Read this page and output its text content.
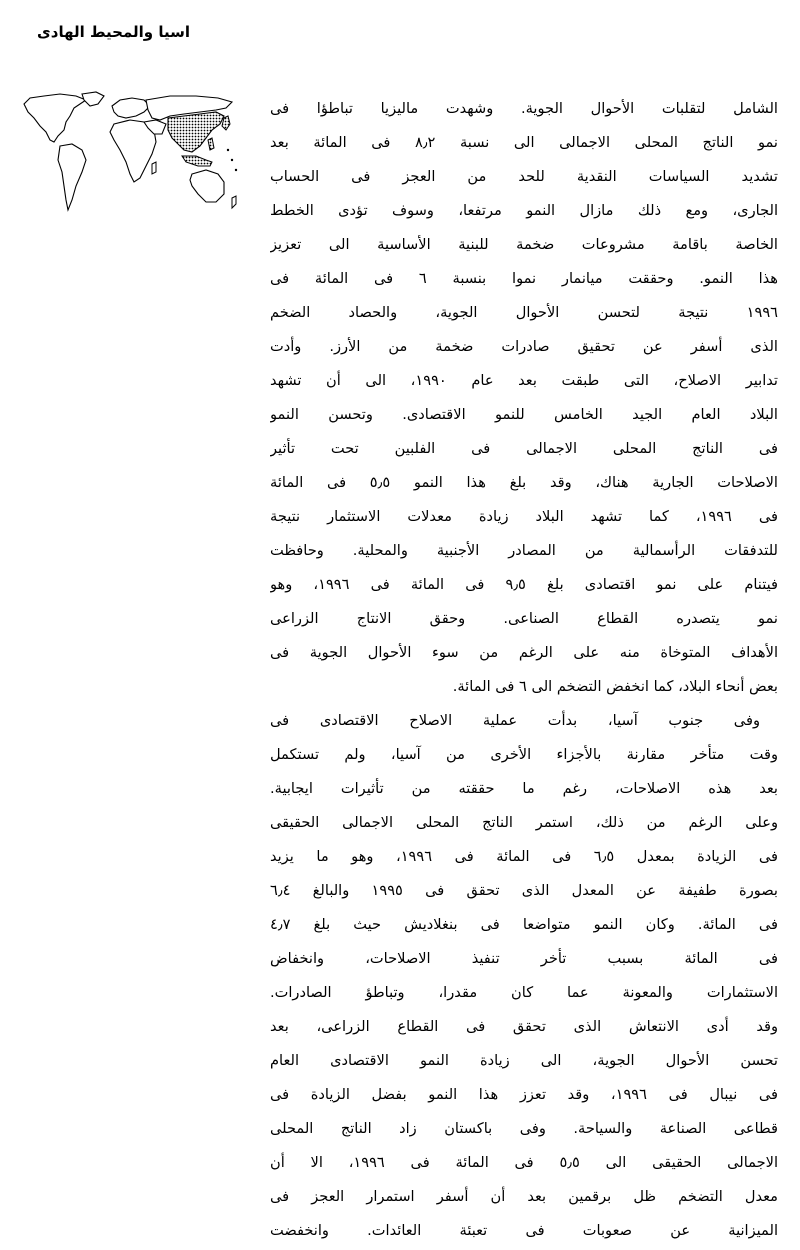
اسيا والمحيط الهادى
الشامل لتقلبات الأحوال الجوية. وشهدت ماليزيا تباطؤا فى
نمو الناتج المحلى الاجمالى الى نسبة ٨٫٢ فى المائة بعد
تشديد السياسات النقدية للحد من العجز فى الحساب
الجارى، ومع ذلك مازال النمو مرتفعا، وسوف تؤدى الخطط
الخاصة باقامة مشروعات ضخمة للبنية الأساسية الى تعزيز
هذا النمو. وحققت ميانمار نموا بنسبة ٦ فى المائة فى
١٩٩٦ نتيجة لتحسن الأحوال الجوية، والحصاد الضخم
الذى أسفر عن تحقيق صادرات ضخمة من الأرز. وأدت
تدابير الاصلاح، التى طبقت بعد عام ١٩٩٠، الى أن تشهد
البلاد العام الجيد الخامس للنمو الاقتصادى. وتحسن النمو
فى الناتج المحلى الاجمالى فى الفلبين تحت تأثير
الاصلاحات الجارية هناك، وقد بلغ هذا النمو ٥٫٥ فى المائة
فى ١٩٩٦، كما تشهد البلاد زيادة معدلات الاستثمار نتيجة
للتدفقات الرأسمالية من المصادر الأجنبية والمحلية. وحافظت
فيتنام على نمو اقتصادى بلغ ٩٫٥ فى المائة فى ١٩٩٦، وهو
نمو يتصدره القطاع الصناعى. وحقق الانتاج الزراعى
الأهداف المتوخاة منه على الرغم من سوء الأحوال الجوية فى
بعض أنحاء البلاد، كما انخفض التضخم الى ٦ فى المائة.
وفى جنوب آسيا، بدأت عملية الاصلاح الاقتصادى فى
وقت متأخر مقارنة بالأجزاء الأخرى من آسيا، ولم تستكمل
بعد هذه الاصلاحات، رغم ما حققته من تأثيرات ايجابية.
وعلى الرغم من ذلك، استمر الناتج المحلى الاجمالى الحقيقى
فى الزيادة بمعدل ٦٫٥ فى المائة فى ١٩٩٦، وهو ما يزيد
بصورة طفيفة عن المعدل الذى تحقق فى ١٩٩٥ والبالغ ٦٫٤
فى المائة. وكان النمو متواضعا فى بنغلاديش حيث بلغ ٤٫٧
فى المائة بسبب تأخر تنفيذ الاصلاحات، وانخفاض
الاستثمارات والمعونة عما كان مقدرا، وتباطؤ الصادرات.
وقد أدى الانتعاش الذى تحقق فى القطاع الزراعى، بعد
تحسن الأحوال الجوية، الى زيادة النمو الاقتصادى العام
فى نيبال فى ١٩٩٦، وقد تعزز هذا النمو بفضل الزيادة فى
قطاعى الصناعة والسياحة. وفى باكستان زاد الناتج المحلى
الاجمالى الحقيقى الى ٥٫٥ فى المائة فى ١٩٩٦، الا أن
معدل التضخم ظل برقمين بعد أن أسفر استمرار العجز فى
الميزانية عن صعوبات فى تعبئة العائدات. وانخفضت
